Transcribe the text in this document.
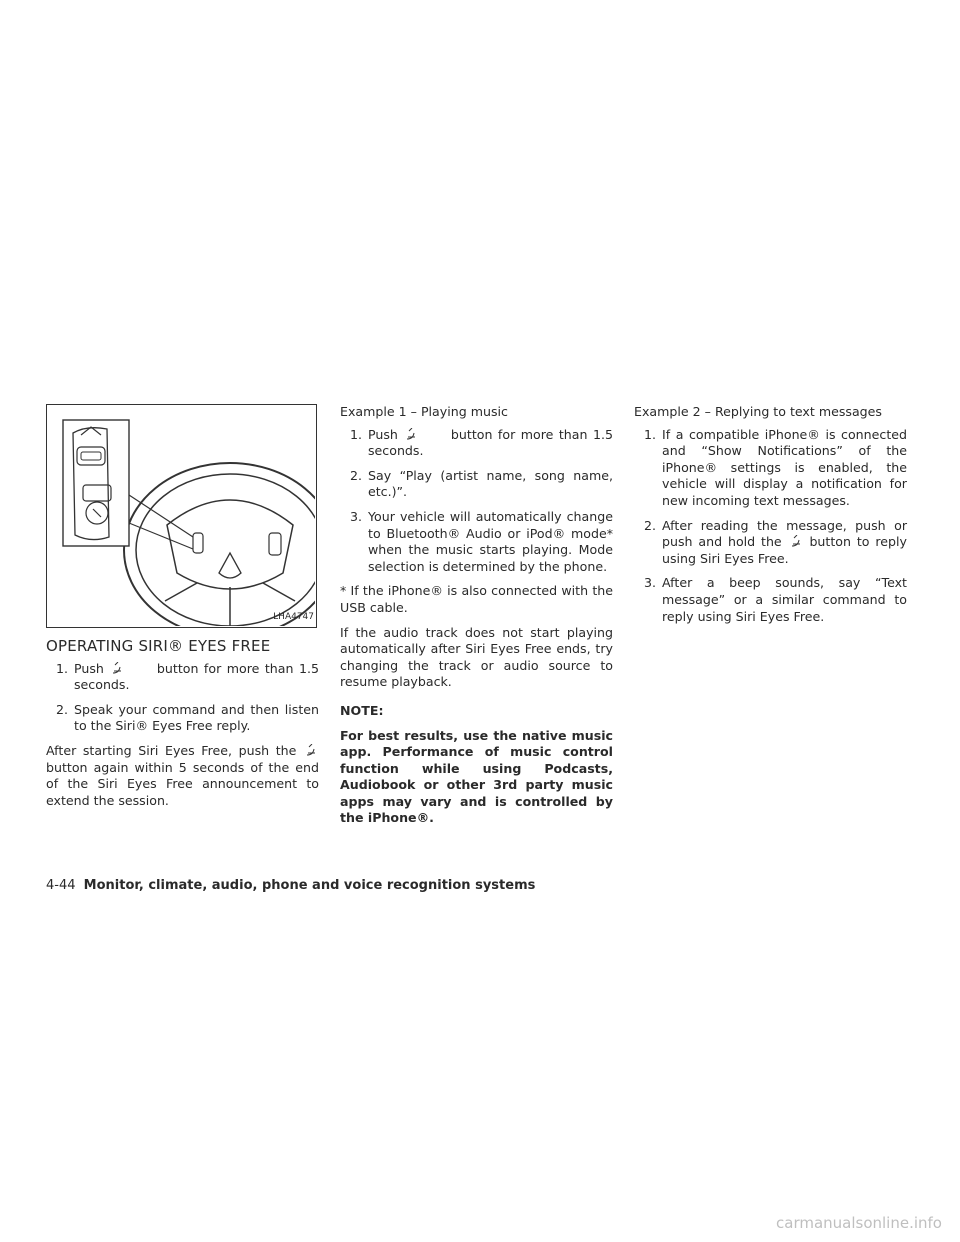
LHA4747
OPERATING SIRI® EYES FREE
1. Push	button for more than 1.5 seconds.
2. Speak your command and then listen to the Siri® Eyes Free reply.

After starting Siri Eyes Free, push the  button again within 5 seconds of the end of the Siri Eyes Free announcement to extend the session.

Example 1 – Playing music
1. Push	button for more than 1.5 seconds.
2. Say “Play (artist name, song name, etc.)”.
3. Your vehicle will automatically change to Bluetooth® Audio or iPod® mode* when the music starts playing. Mode selection is determined by the phone.

* If the iPhone® is also connected with the USB cable.

If the audio track does not start playing automatically after Siri Eyes Free ends, try changing the track or audio source to resume playback.

NOTE:

For best results, use the native music app. Performance of music control function while using Podcasts, Audiobook or other 3rd party music apps may vary and is controlled by the iPhone®.

Example 2 – Replying to text messages
1. If a compatible iPhone® is connected and “Show Notifications” of the iPhone® settings is enabled, the vehicle will display a notification for new incoming text messages.
2. After reading the message, push or push and hold the button to reply using Siri Eyes Free.
3. After a beep sounds, say “Text message” or a similar command to reply using Siri Eyes Free.
4-44 Monitor, climate, audio, phone and voice recognition systems
carmanualsonline.info
